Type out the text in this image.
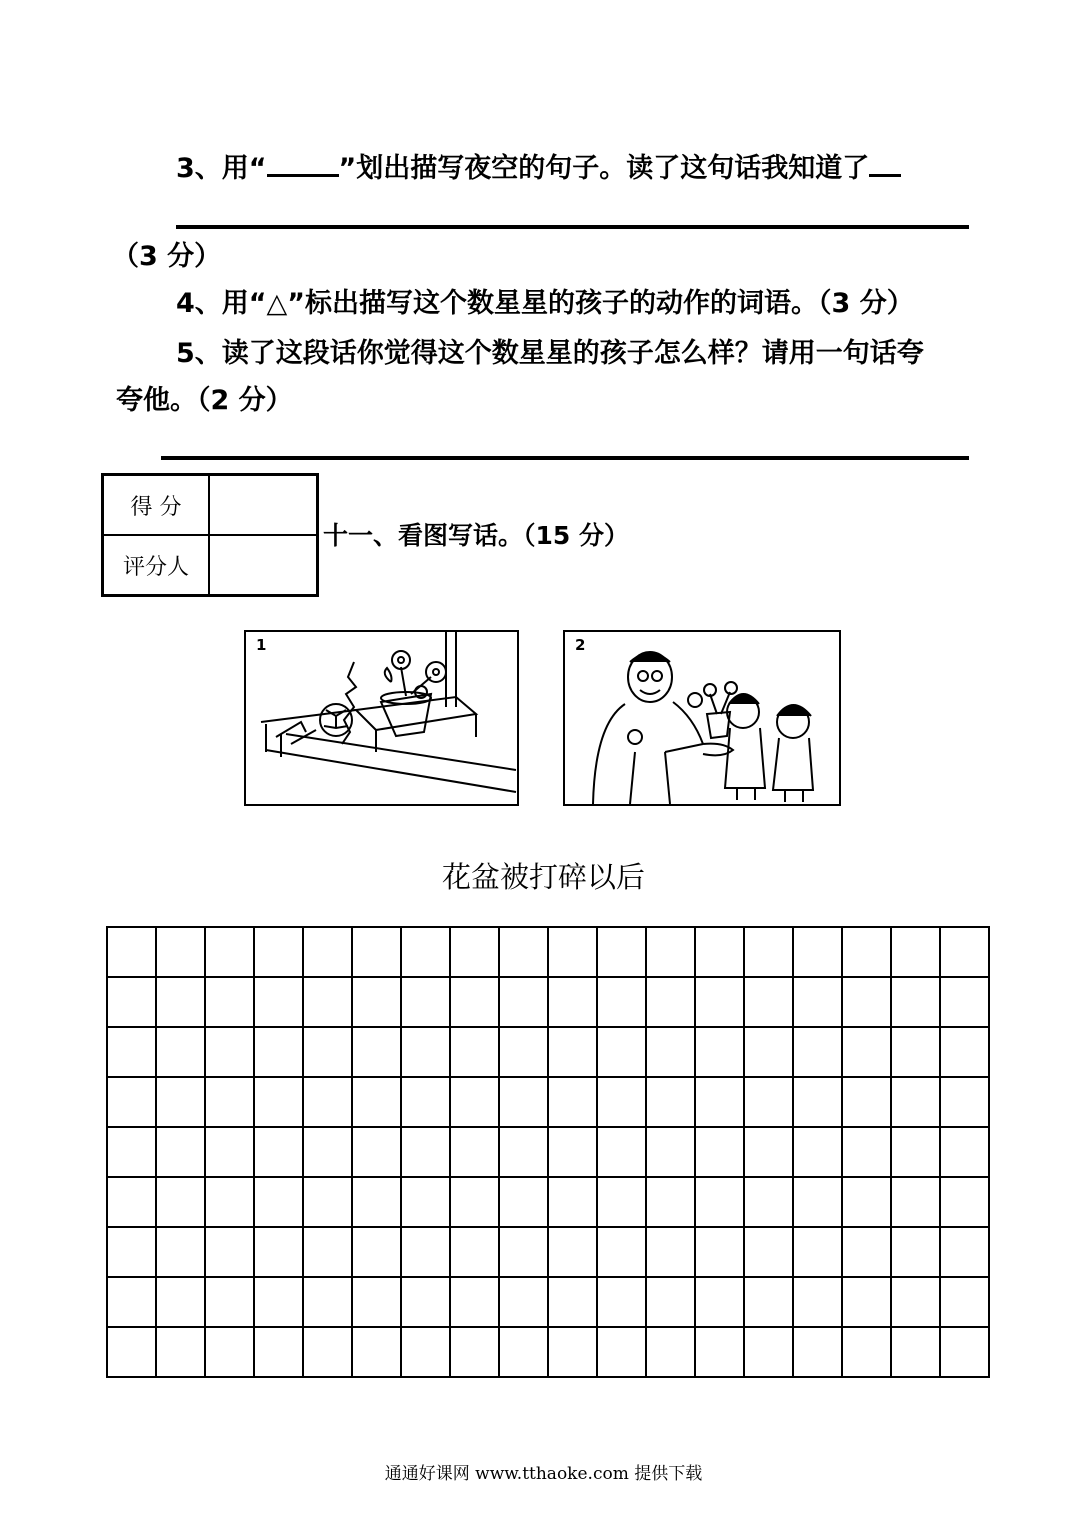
3、用“	”划出描写夜空的句子。读了这句话我知道了
（3 分）
4、用“△”标出描写这个数星星的孩子的动作的词语。（3 分）
5、读了这段话你觉得这个数星星的孩子怎么样？请用一句话夸
夸他。（2 分）
得 分	
评分人	
十一、看图写话。（15 分）
1	2
花盆被打碎以后

通通好课网 www.tthaoke.com 提供下载
